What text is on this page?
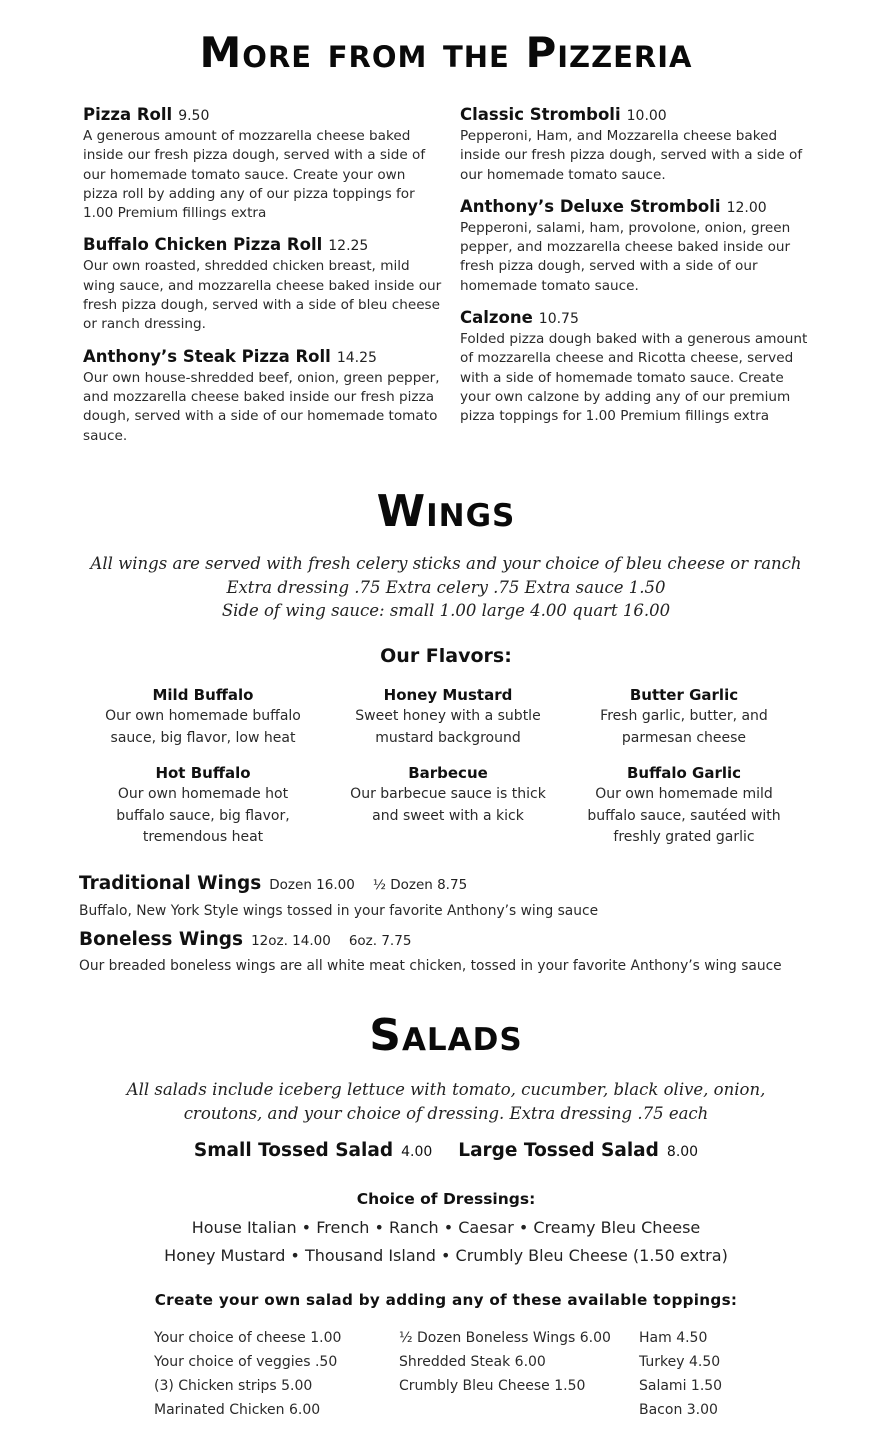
More from the Pizzeria
Pizza Roll 9.50
A generous amount of mozzarella cheese baked inside our fresh pizza dough, served with a side of our homemade tomato sauce. Create your own pizza roll by adding any of our pizza toppings for 1.00 Premium fillings extra
Buffalo Chicken Pizza Roll 12.25
Our own roasted, shredded chicken breast, mild wing sauce, and mozzarella cheese baked inside our fresh pizza dough, served with a side of bleu cheese or ranch dressing.
Anthony’s Steak Pizza Roll 14.25
Our own house-shredded beef, onion, green pepper, and mozzarella cheese baked inside our fresh pizza dough, served with a side of our homemade tomato sauce.
Classic Stromboli 10.00
Pepperoni, Ham, and Mozzarella cheese baked inside our fresh pizza dough, served with a side of our homemade tomato sauce.
Anthony’s Deluxe Stromboli 12.00
Pepperoni, salami, ham, provolone, onion, green pepper, and mozzarella cheese baked inside our fresh pizza dough, served with a side of our homemade tomato sauce.
Calzone 10.75
Folded pizza dough baked with a generous amount of mozzarella cheese and Ricotta cheese, served with a side of homemade tomato sauce. Create your own calzone by adding any of our premium pizza toppings for 1.00 Premium fillings extra
Wings
All wings are served with fresh celery sticks and your choice of bleu cheese or ranch
Extra dressing .75 Extra celery .75 Extra sauce 1.50
Side of wing sauce: small 1.00 large 4.00 quart 16.00
Our Flavors:
Mild Buffalo
Our own homemade buffalo
sauce, big flavor, low heat
Honey Mustard
Sweet honey with a subtle
mustard background
Butter Garlic
Fresh garlic, butter, and
parmesan cheese
Hot Buffalo
Our own homemade hot
buffalo sauce, big flavor,
tremendous heat
Barbecue
Our barbecue sauce is thick
and sweet with a kick
Buffalo Garlic
Our own homemade mild
buffalo sauce, sautéed with
freshly grated garlic
Traditional Wings Dozen 16.00 ½ Dozen 8.75
Buffalo, New York Style wings tossed in your favorite Anthony’s wing sauce
Boneless Wings 12oz. 14.00 6oz. 7.75
Our breaded boneless wings are all white meat chicken, tossed in your favorite Anthony’s wing sauce
Salads
All salads include iceberg lettuce with tomato, cucumber, black olive, onion,
croutons, and your choice of dressing. Extra dressing .75 each
Small Tossed Salad 4.00 Large Tossed Salad 8.00
Choice of Dressings:
House Italian • French • Ranch • Caesar • Creamy Bleu Cheese
Honey Mustard • Thousand Island • Crumbly Bleu Cheese (1.50 extra)
Create your own salad by adding any of these available toppings:
Your choice of cheese 1.00
Your choice of veggies .50
(3) Chicken strips 5.00
Marinated Chicken 6.00
½ Dozen Boneless Wings 6.00
Shredded Steak 6.00
Crumbly Bleu Cheese 1.50
Ham 4.50
Turkey 4.50
Salami 1.50
Bacon 3.00
